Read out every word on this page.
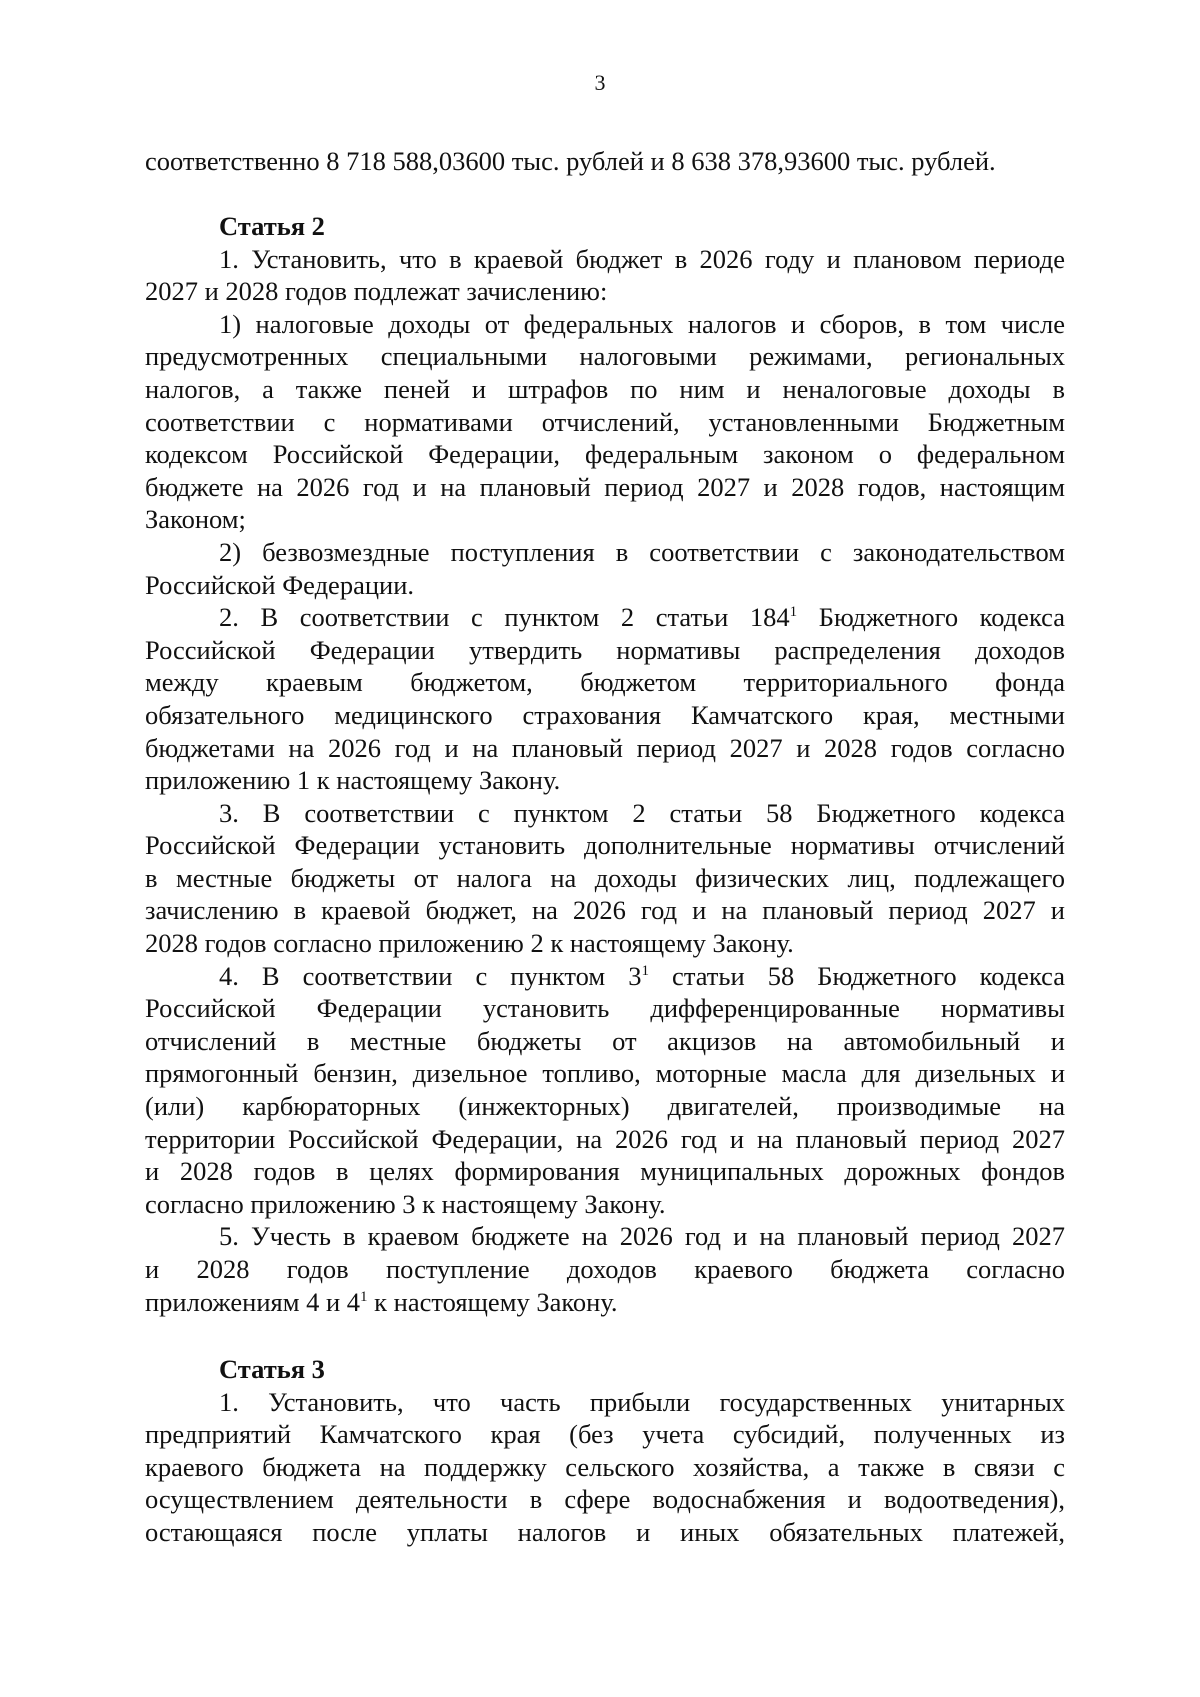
3
соответственно 8 718 588,03600 тыс. рублей и 8 638 378,93600 тыс. рублей.
Статья 2
1. Установить, что в краевой бюджет в 2026 году и плановом периоде
2027 и 2028 годов подлежат зачислению:
1) налоговые доходы от федеральных налогов и сборов, в том числе
предусмотренных специальными налоговыми режимами, региональных
налогов, а также пеней и штрафов по ним и неналоговые доходы в
соответствии с нормативами отчислений, установленными Бюджетным
кодексом Российской Федерации, федеральным законом о федеральном
бюджете на 2026 год и на плановый период 2027 и 2028 годов, настоящим
Законом;
2) безвозмездные поступления в соответствии с законодательством
Российской Федерации.
2. В соответствии с пунктом 2 статьи $184^1$ Бюджетного кодекса
Российской Федерации утвердить нормативы распределения доходов
между краевым бюджетом, бюджетом территориального фонда
обязательного медицинского страхования Камчатского края, местными
бюджетами на 2026 год и на плановый период 2027 и 2028 годов согласно
приложению 1 к настоящему Закону.
3. В соответствии с пунктом 2 статьи 58 Бюджетного кодекса
Российской Федерации установить дополнительные нормативы отчислений
в местные бюджеты от налога на доходы физических лиц, подлежащего
зачислению в краевой бюджет, на 2026 год и на плановый период 2027 и
2028 годов согласно приложению 2 к настоящему Закону.
4. В соответствии с пунктом $3^1$ статьи 58 Бюджетного кодекса
Российской Федерации установить дифференцированные нормативы
отчислений в местные бюджеты от акцизов на автомобильный и
прямогонный бензин, дизельное топливо, моторные масла для дизельных и
(или) карбюраторных (инжекторных) двигателей, производимые на
территории Российской Федерации, на 2026 год и на плановый период 2027
и 2028 годов в целях формирования муниципальных дорожных фондов
согласно приложению 3 к настоящему Закону.
5. Учесть в краевом бюджете на 2026 год и на плановый период 2027
и 2028 годов поступление доходов краевого бюджета согласно
приложениям 4 и $4^1$ к настоящему Закону.
Статья 3
1. Установить, что часть прибыли государственных унитарных
предприятий Камчатского края (без учета субсидий, полученных из
краевого бюджета на поддержку сельского хозяйства, а также в связи с
осуществлением деятельности в сфере водоснабжения и водоотведения),
остающаяся после уплаты налогов и иных обязательных платежей,
